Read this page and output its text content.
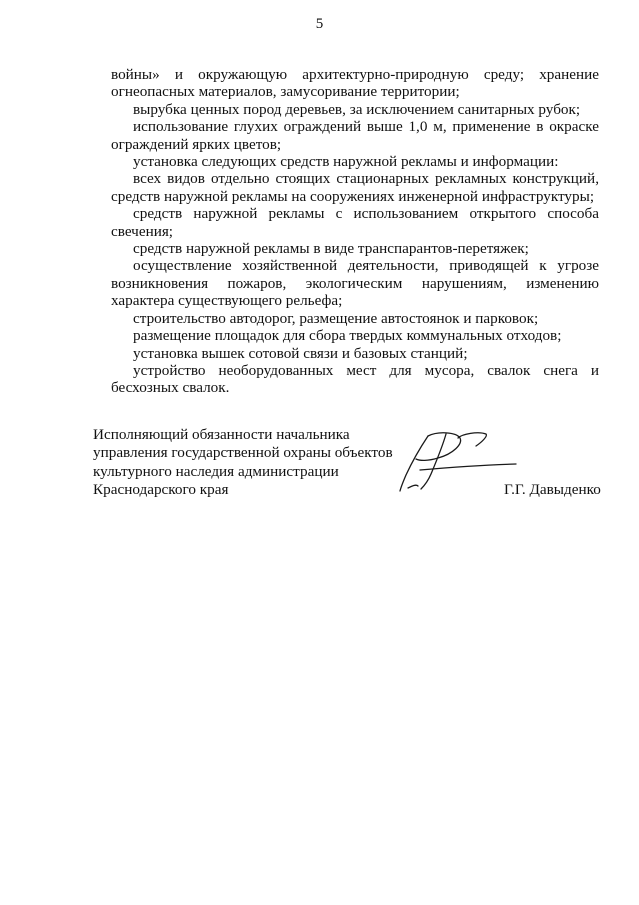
5

войны» и окружающую архитектурно-природную среду; хранение огнеопасных материалов, замусоривание территории;

вырубка ценных пород деревьев, за исключением санитарных рубок;

использование глухих ограждений выше 1,0 м, применение в окраске ограждений ярких цветов;

установка следующих средств наружной рекламы и информации:

всех видов отдельно стоящих стационарных рекламных конструкций, средств наружной рекламы на сооружениях инженерной инфраструктуры;

средств наружной рекламы с использованием открытого способа свечения;

средств наружной рекламы в виде транспарантов-перетяжек;

осуществление хозяйственной деятельности, приводящей к угрозе возникновения пожаров, экологическим нарушениям, изменению характера существующего рельефа;

строительство автодорог, размещение автостоянок и парковок;

размещение площадок для сбора твердых коммунальных отходов;

установка вышек сотовой связи и базовых станций;

устройство необорудованных мест для мусора, свалок снега и бесхозных свалок.

Исполняющий обязанности начальника
управления государственной охраны объектов
культурного наследия администрации
Краснодарского края	Г.Г. Давыденко
